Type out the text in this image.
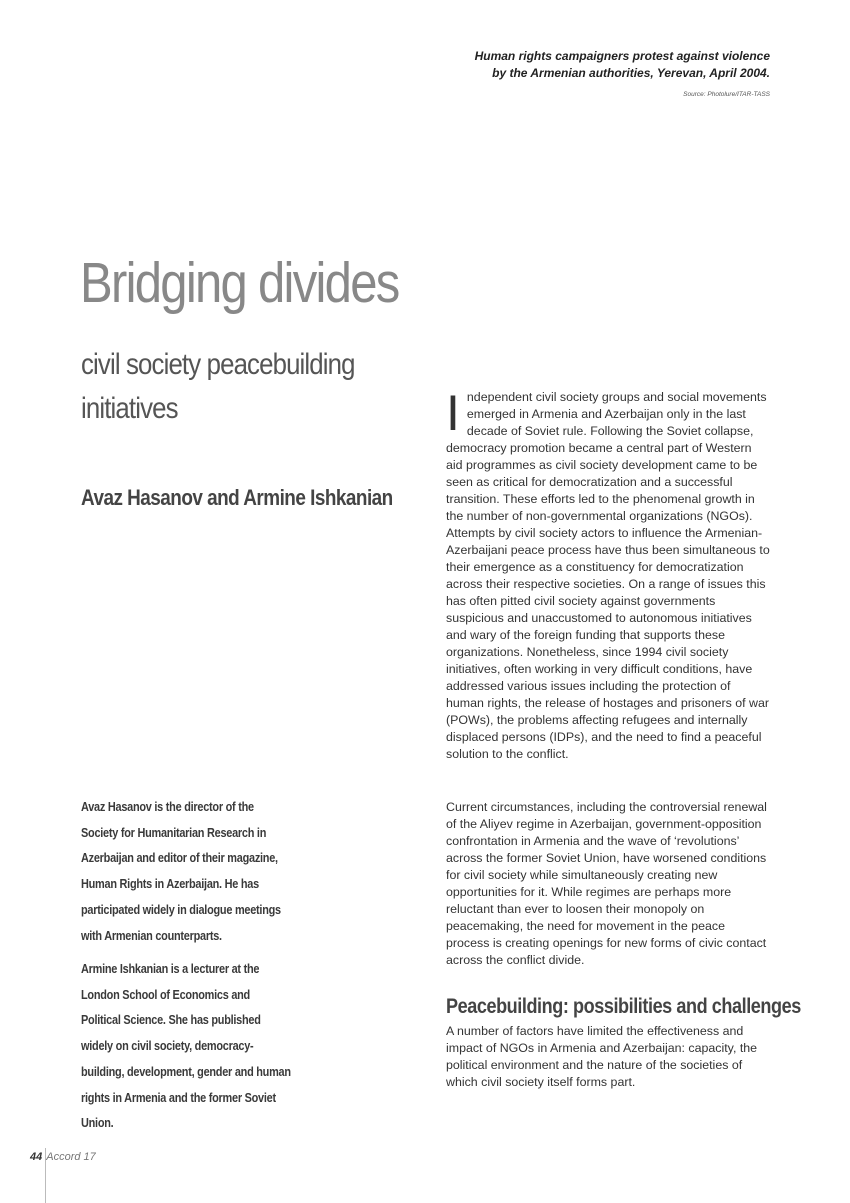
Human rights campaigners protest against violence
by the Armenian authorities, Yerevan, April 2004.
Source: Photolure/ITAR-TASS
Bridging divides
civil society peacebuilding initiatives
Avaz Hasanov and Armine Ishkanian

Avaz Hasanov is the director of the Society for Humanitarian Research in Azerbaijan and editor of their magazine, Human Rights in Azerbaijan. He has participated widely in dialogue meetings with Armenian counterparts.

Armine Ishkanian is a lecturer at the London School of Economics and Political Science. She has published widely on civil society, democracy-building, development, gender and human rights in Armenia and the former Soviet Union.

I ndependent civil society groups and social movements emerged in Armenia and Azerbaijan only in the last decade of Soviet rule. Following the Soviet collapse, democracy promotion became a central part of Western aid programmes as civil society development came to be seen as critical for democratization and a successful transition. These efforts led to the phenomenal growth in the number of non-governmental organizations (NGOs). Attempts by civil society actors to influence the Armenian-Azerbaijani peace process have thus been simultaneous to their emergence as a constituency for democratization across their respective societies. On a range of issues this has often pitted civil society against governments suspicious and unaccustomed to autonomous initiatives and wary of the foreign funding that supports these organizations. Nonetheless, since 1994 civil society initiatives, often working in very difficult conditions, have addressed various issues including the protection of human rights, the release of hostages and prisoners of war (POWs), the problems affecting refugees and internally displaced persons (IDPs), and the need to find a peaceful solution to the conflict.

Current circumstances, including the controversial renewal of the Aliyev regime in Azerbaijan, government-opposition confrontation in Armenia and the wave of ‘revolutions’ across the former Soviet Union, have worsened conditions for civil society while simultaneously creating new opportunities for it. While regimes are perhaps more reluctant than ever to loosen their monopoly on peacemaking, the need for movement in the peace process is creating openings for new forms of civic contact across the conflict divide.

Peacebuilding: possibilities and challenges

A number of factors have limited the effectiveness and impact of NGOs in Armenia and Azerbaijan: capacity, the political environment and the nature of the societies of which civil society itself forms part.

44 Accord 17
